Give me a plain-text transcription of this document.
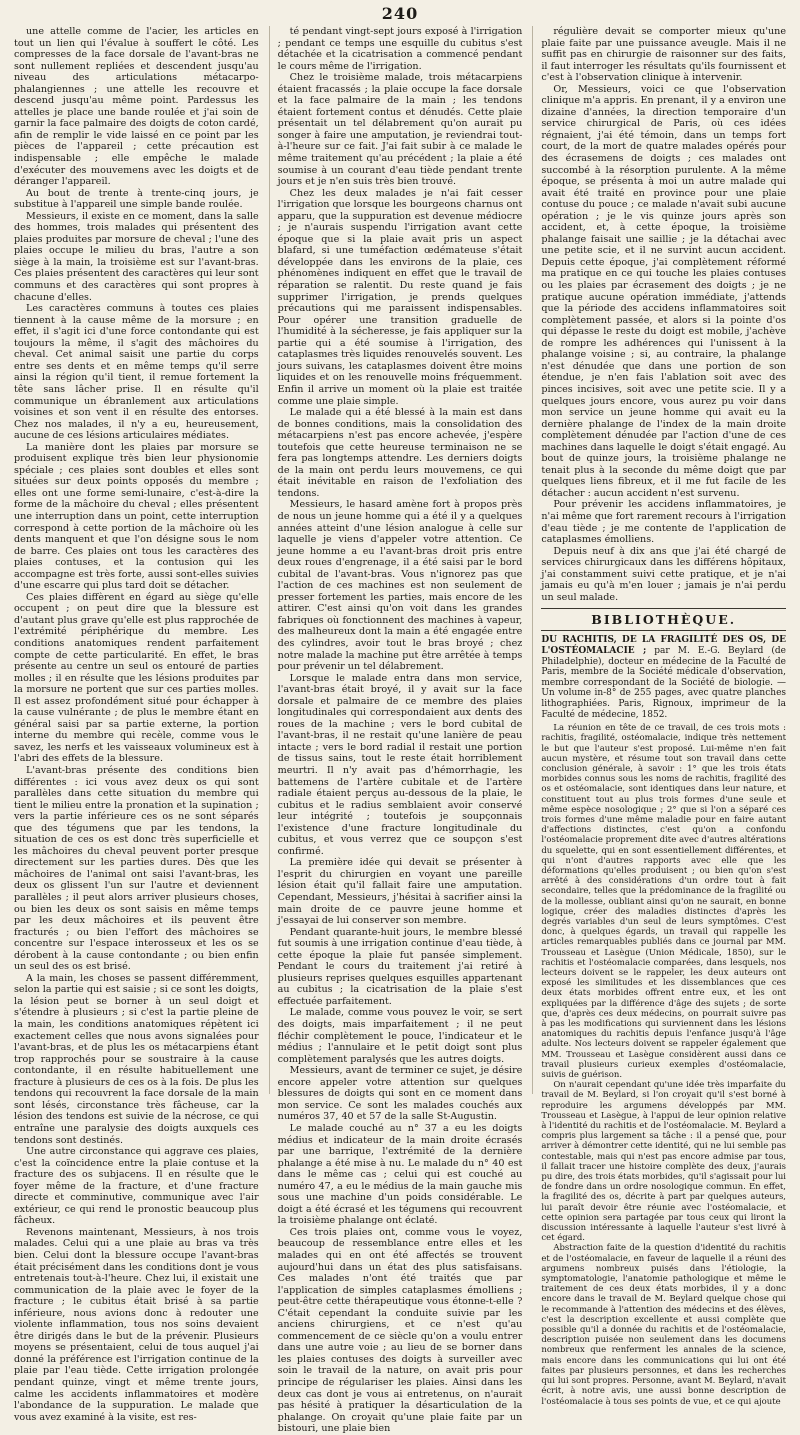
240

une attelle comme de l'acier, les articles en tout un lien qui l'évalue à souffert le côté. Les compresses de la face dorsale de l'avant-bras ne sont nullement repliées et descendent jusqu'au niveau des articulations métacarpo-phalangiennes ; une attelle les recouvre et descend jusqu'au même point. Pardessus les attelles je place une bande roulée et j'ai soin de garnir la face palmaire des doigts de coton cardé, afin de remplir le vide laissé en ce point par les pièces de l'appareil ; cette précaution est indispensable ; elle empêche le malade d'exécuter des mouvemens avec les doigts et de déranger l'appareil.

Au bout de trente à trente-cinq jours, je substitue à l'appareil une simple bande roulée.

Messieurs, il existe en ce moment, dans la salle des hommes, trois malades qui présentent des plaies produites par morsure de cheval ; l'une des plaies occupe le milieu du bras, l'autre a son siège à la main, la troisième est sur l'avant-bras. Ces plaies présentent des caractères qui leur sont communs et des caractères qui sont propres à chacune d'elles.

Les caractères communs à toutes ces plaies tiennent à la cause même de la morsure ; en effet, il s'agit ici d'une force contondante qui est toujours la même, il s'agit des mâchoires du cheval. Cet animal saisit une partie du corps entre ses dents et en même temps qu'il serre ainsi la région qu'il tient, il remue fortement la tête sans lâcher prise. Il en résulte qu'il communique un ébranlement aux articulations voisines et son vent il en résulte des entorses. Chez nos malades, il n'y a eu, heureusement, aucune de ces lésions articulaires médiates.

La manière dont les plaies par morsure se produisent explique très bien leur physionomie spéciale ; ces plaies sont doubles et elles sont situées sur deux points opposés du membre ; elles ont une forme semi-lunaire, c'est-à-dire la forme de la mâchoire du cheval ; elles présentent une interruption dans un point, cette interruption correspond à cette portion de la mâchoire où les dents manquent et que l'on désigne sous le nom de barre. Ces plaies ont tous les caractères des plaies contuses, et la contusion qui les accompagne est très forte, aussi sont-elles suivies d'une escarre qui plus tard doit se détacher.

Ces plaies diffèrent en égard au siège qu'elle occupent ; on peut dire que la blessure est d'autant plus grave qu'elle est plus rapprochée de l'extrémité périphérique du membre. Les conditions anatomiques rendent parfaitement compte de cette particularité. En effet, le bras présente au centre un seul os entouré de parties molles ; il en résulte que les lésions produites par la morsure ne portent que sur ces parties molles. Il est assez profondément situé pour échapper à la cause vulnérante ; de plus le membre étant en général saisi par sa partie externe, la portion interne du membre qui recèle, comme vous le savez, les nerfs et les vaisseaux volumineux est à l'abri des effets de la blessure.

L'avant-bras présente des conditions bien différentes : ici vous avez deux os qui sont parallèles dans cette situation du membre qui tient le milieu entre la pronation et la supination ; vers la partie inférieure ces os ne sont séparés que des tégumens que par les tendons, la situation de ces os est donc très superficielle et les mâchoires du cheval peuvent porter presque directement sur les parties dures. Dès que les mâchoires de l'animal ont saisi l'avant-bras, les deux os glissent l'un sur l'autre et deviennent parallèles ; il peut alors arriver plusieurs choses, ou bien les deux os sont saisis en même temps par les deux mâchoires et ils peuvent être fracturés ; ou bien l'effort des mâchoires se concentre sur l'espace interosseux et les os se dérobent à la cause contondante ; ou bien enfin un seul des os est brisé.

A la main, les choses se passent différemment, selon la partie qui est saisie ; si ce sont les doigts, la lésion peut se borner à un seul doigt et s'étendre à plusieurs ; si c'est la partie pleine de la main, les conditions anatomiques répètent ici exactement celles que nous avons signalées pour l'avant-bras, et de plus les os métacarpiens étant trop rapprochés pour se soustraire à la cause contondante, il en résulte habituellement une fracture à plusieurs de ces os à la fois. De plus les tendons qui recouvrent la face dorsale de la main sont lésés, circonstance très fâcheuse, car la lésion des tendons est suivie de la nécrose, ce qui entraîne une paralysie des doigts auxquels ces tendons sont destinés.

Une autre circonstance qui aggrave ces plaies, c'est la coïncidence entre la plaie contuse et la fracture des os subjacens. Il en résulte que le foyer même de la fracture, et d'une fracture directe et comminutive, communique avec l'air extérieur, ce qui rend le pronostic beaucoup plus fâcheux.

Revenons maintenant, Messieurs, à nos trois malades. Celui qui a une plaie au bras va très bien. Celui dont la blessure occupe l'avant-bras était précisément dans les conditions dont je vous entretenais tout-à-l'heure. Chez lui, il existait une communication de la plaie avec le foyer de la fracture ; le cubitus était brisé à sa partie inférieure, nous avions donc à redouter une violente inflammation, tous nos soins devaient être dirigés dans le but de la prévenir. Plusieurs moyens se présentaient, celui de tous auquel j'ai donné la préférence est l'irrigation continue de la plaie par l'eau tiède. Cette irrigation prolongée pendant quinze, vingt et même trente jours, calme les accidents inflammatoires et modère l'abondance de la suppuration. Le malade que vous avez examiné à la visite, est res-

té pendant vingt-sept jours exposé à l'irrigation ; pendant ce temps une esquille du cubitus s'est détachée et la cicatrisation a commencé pendant le cours même de l'irrigation.

Chez le troisième malade, trois métacarpiens étaient fracassés ; la plaie occupe la face dorsale et la face palmaire de la main ; les tendons étaient fortement contus et dénudés. Cette plaie présentait un tel délabrement qu'on aurait pu songer à faire une amputation, je reviendrai tout-à-l'heure sur ce fait. J'ai fait subir à ce malade le même traitement qu'au précédent ; la plaie a été soumise à un courant d'eau tiède pendant trente jours et je n'en suis très bien trouvé.

Chez les deux malades je n'ai fait cesser l'irrigation que lorsque les bourgeons charnus ont apparu, que la suppuration est devenue médiocre ; je n'aurais suspendu l'irrigation avant cette époque que si la plaie avait pris un aspect blafard, si une tuméfaction œdémateuse s'était développée dans les environs de la plaie, ces phénomènes indiquent en effet que le travail de réparation se ralentit. Du reste quand je fais supprimer l'irrigation, je prends quelques précautions qui me paraissent indispensables. Pour opérer une transition graduelle de l'humidité à la sécheresse, je fais appliquer sur la partie qui a été soumise à l'irrigation, des cataplasmes très liquides renouvelés souvent. Les jours suivans, les cataplasmes doivent être moins liquides et on les renouvelle moins fréquemment. Enfin il arrive un moment où la plaie est traitée comme une plaie simple.

Le malade qui a été blessé à la main est dans de bonnes conditions, mais la consolidation des métacarpiens n'est pas encore achevée, j'espère toutefois que cette heureuse terminaison ne se fera pas longtemps attendre. Les derniers doigts de la main ont perdu leurs mouvemens, ce qui était inévitable en raison de l'exfoliation des tendons.

Messieurs, le hasard amène fort à propos près de nous un jeune homme qui a été il y a quelques années atteint d'une lésion analogue à celle sur laquelle je viens d'appeler votre attention. Ce jeune homme a eu l'avant-bras droit pris entre deux roues d'engrenage, il a été saisi par le bord cubital de l'avant-bras. Vous n'ignorez pas que l'action de ces machines est non seulement de presser fortement les parties, mais encore de les attirer. C'est ainsi qu'on voit dans les grandes fabriques où fonctionnent des machines à vapeur, des malheureux dont la main a été engagée entre des cylindres, avoir tout le bras broyé ; chez notre malade la machine put être arrêtée à temps pour prévenir un tel délabrement.

Lorsque le malade entra dans mon service, l'avant-bras était broyé, il y avait sur la face dorsale et palmaire de ce membre des plaies longitudinales qui correspondaient aux dents des roues de la machine ; vers le bord cubital de l'avant-bras, il ne restait qu'une lanière de peau intacte ; vers le bord radial il restait une portion de tissus sains, tout le reste était horriblement meurtri. Il n'y avait pas d'hémorrhagie, les battemens de l'artère cubitale et de l'artère radiale étaient perçus au-dessous de la plaie, le cubitus et le radius semblaient avoir conservé leur intégrité ; toutefois je soupçonnais l'existence d'une fracture longitudinale du cubitus, et vous verrez que ce soupçon s'est confirmé.

La première idée qui devait se présenter à l'esprit du chirurgien en voyant une pareille lésion était qu'il fallait faire une amputation. Cependant, Messieurs, j'hésitai à sacrifier ainsi la main droite de ce pauvre jeune homme et j'essayai de lui conserver son membre.

Pendant quarante-huit jours, le membre blessé fut soumis à une irrigation continue d'eau tiède, à cette époque la plaie fut pansée simplement. Pendant le cours du traitement j'ai retiré à plusieurs reprises quelques esquilles appartenant au cubitus ; la cicatrisation de la plaie s'est effectuée parfaitement.

Le malade, comme vous pouvez le voir, se sert des doigts, mais imparfaitement ; il ne peut fléchir complètement le pouce, l'indicateur et le médius ; l'annulaire et le petit doigt sont plus complètement paralysés que les autres doigts.

Messieurs, avant de terminer ce sujet, je désire encore appeler votre attention sur quelques blessures de doigts qui sont en ce moment dans mon service. Ce sont les malades couchés aux numéros 37, 40 et 57 de la salle St-Augustin.

Le malade couché au n° 37 a eu les doigts médius et indicateur de la main droite écrasés par une barrique, l'extrémité de la dernière phalange a été mise à nu. Le malade du n° 40 est dans le même cas ; celui qui est couché au numéro 47, a eu le médius de la main gauche mis sous une machine d'un poids considérable. Le doigt a été écrasé et les tégumens qui recouvrent la troisième phalange ont éclaté.

Ces trois plaies ont, comme vous le voyez, beaucoup de ressemblance entre elles et les malades qui en ont été affectés se trouvent aujourd'hui dans un état des plus satisfaisans. Ces malades n'ont été traités que par l'application de simples cataplasmes émolliens ; peut-être cette thérapeutique vous étonne-t-elle ? C'était cependant la conduite suivie par les anciens chirurgiens, et ce n'est qu'au commencement de ce siècle qu'on a voulu entrer dans une autre voie ; au lieu de se borner dans les plaies contuses des doigts à surveiller avec soin le travail de la nature, on avait pris pour principe de régulariser les plaies. Ainsi dans les deux cas dont je vous ai entretenus, on n'aurait pas hésité à pratiquer la désarticulation de la phalange. On croyait qu'une plaie faite par un bistouri, une plaie bien

régulière devait se comporter mieux qu'une plaie faite par une puissance aveugle. Mais il ne suffit pas en chirurgie de raisonner sur des faits, il faut interroger les résultats qu'ils fournissent et c'est à l'observation clinique à intervenir.

Or, Messieurs, voici ce que l'observation clinique m'a appris. En prenant, il y a environ une dizaine d'années, la direction temporaire d'un service chirurgical de Paris, où ces idées régnaient, j'ai été témoin, dans un temps fort court, de la mort de quatre malades opérés pour des écrasemens de doigts ; ces malades ont succombé à la résorption purulente. A la même époque, se présenta à moi un autre malade qui avait été traité en province pour une plaie contuse du pouce ; ce malade n'avait subi aucune opération ; je le vis quinze jours après son accident, et, à cette époque, la troisième phalange faisait une saillie ; je la détachai avec une petite scie, et il ne survint aucun accident. Depuis cette époque, j'ai complètement réformé ma pratique en ce qui touche les plaies contuses ou les plaies par écrasement des doigts ; je ne pratique aucune opération immédiate, j'attends que la période des accidens inflammatoires soit complètement passée, et alors si la pointe d'os qui dépasse le reste du doigt est mobile, j'achève de rompre les adhérences qui l'unissent à la phalange voisine ; si, au contraire, la phalange n'est dénudée que dans une portion de son étendue, je n'en fais l'ablation soit avec des pinces incisives, soit avec une petite scie. Il y a quelques jours encore, vous aurez pu voir dans mon service un jeune homme qui avait eu la dernière phalange de l'index de la main droite complètement dénudée par l'action d'une de ces machines dans laquelle le doigt s'était engagé. Au bout de quinze jours, la troisième phalange ne tenait plus à la seconde du même doigt que par quelques liens fibreux, et il me fut facile de les détacher : aucun accident n'est survenu.

Pour prévenir les accidens inflammatoires, je n'ai même que fort rarement recours à l'irrigation d'eau tiède ; je me contente de l'application de cataplasmes émolliens.

Depuis neuf à dix ans que j'ai été chargé de services chirurgicaux dans les différens hôpitaux, j'ai constamment suivi cette pratique, et je n'ai jamais eu qu'à m'en louer ; jamais je n'ai perdu un seul malade.

BIBLIOTHÈQUE.
DU RACHITIS, DE LA FRAGILITÉ DES OS, DE L'OSTÉOMALACIE ; par M. E.-G. Beylard (de Philadelphie), docteur en médecine de la Faculté de Paris, membre de la Société médicale d'observation, membre correspondant de la Société de biologie. — Un volume in-8° de 255 pages, avec quatre planches lithographiées. Paris, Rignoux, imprimeur de la Faculté de médecine, 1852.

La réunion en tête de ce travail, de ces trois mots : rachitis, fragilité, ostéomalacie, indique très nettement le but que l'auteur s'est proposé. Lui-même n'en fait aucun mystère, et résume tout son travail dans cette conclusion générale, à savoir : 1° que les trois états morbides connus sous les noms de rachitis, fragilité des os et ostéomalacie, sont identiques dans leur nature, et constituent tout au plus trois formes d'une seule et même espèce nosologique ; 2° que si l'on a séparé ces trois formes d'une même maladie pour en faire autant d'affections distinctes, c'est qu'on a confondu l'ostéomalacie proprement dite avec d'autres altérations du squelette, qui en sont essentiellement différentes, et qui n'ont d'autres rapports avec elle que les déformations qu'elles produisent ; ou bien qu'on s'est arrêté à des considérations d'un ordre tout à fait secondaire, telles que la prédominance de la fragilité ou de la mollesse, oubliant ainsi qu'on ne saurait, en bonne logique, créer des maladies distinctes d'après les degrés variables d'un seul de leurs symptômes. C'est donc, à quelques égards, un travail qui rappelle les articles remarquables publiés dans ce journal par MM. Trousseau et Lasègue (Union Médicale, 1850), sur le rachitis et l'ostéomalacie comparées, dans lesquels, nos lecteurs doivent se le rappeler, les deux auteurs ont exposé les similitudes et les dissemblances que ces deux états morbides offrent entre eux, et les ont expliquées par la différence d'âge des sujets ; de sorte que, d'après ces deux médecins, on pourrait suivre pas à pas les modifications qui surviennent dans les lésions anatomiques du rachitis depuis l'enfance jusqu'à l'âge adulte. Nos lecteurs doivent se rappeler également que MM. Trousseau et Lasègue considèrent aussi dans ce travail plusieurs curieux exemples d'ostéomalacie, suivis de guérison.

On n'aurait cependant qu'une idée très imparfaite du travail de M. Beylard, si l'on croyait qu'il s'est borné à reproduire les argumens développés par MM. Trousseau et Lasègue, à l'appui de leur opinion relative à l'identité du rachitis et de l'ostéomalacie. M. Beylard a compris plus largement sa tâche : il a pensé que, pour arriver à démontrer cette identité, qui ne lui semble pas contestable, mais qui n'est pas encore admise par tous, il fallait tracer une histoire complète des deux, j'aurais pu dire, des trois états morbides, qu'il s'agissait pour lui de fondre dans un ordre nosologique commun. En effet, la fragilité des os, décrite à part par quelques auteurs, lui paraît devoir être réunie avec l'ostéomalacie, et cette opinion sera partagée par tous ceux qui liront la discussion intéressante à laquelle l'auteur s'est livré à cet égard.

Abstraction faite de la question d'identité du rachitis et de l'ostéomalacie, en faveur de laquelle il a réuni des argumens nombreux puisés dans l'étiologie, la symptomatologie, l'anatomie pathologique et même le traitement de ces deux états morbides, il y a donc encore dans le travail de M. Beylard quelque chose qui le recommande à l'attention des médecins et des élèves, c'est la description excellente et aussi complète que possible qu'il a donnée du rachitis et de l'ostéomalacie, description puisée non seulement dans les documens nombreux que renferment les annales de la science, mais encore dans les communications qui lui ont été faites par plusieurs personnes, et dans les recherches qui lui sont propres. Personne, avant M. Beylard, n'avait écrit, à notre avis, une aussi bonne description de l'ostéomalacie à tous ses points de vue, et ce qui ajoute
